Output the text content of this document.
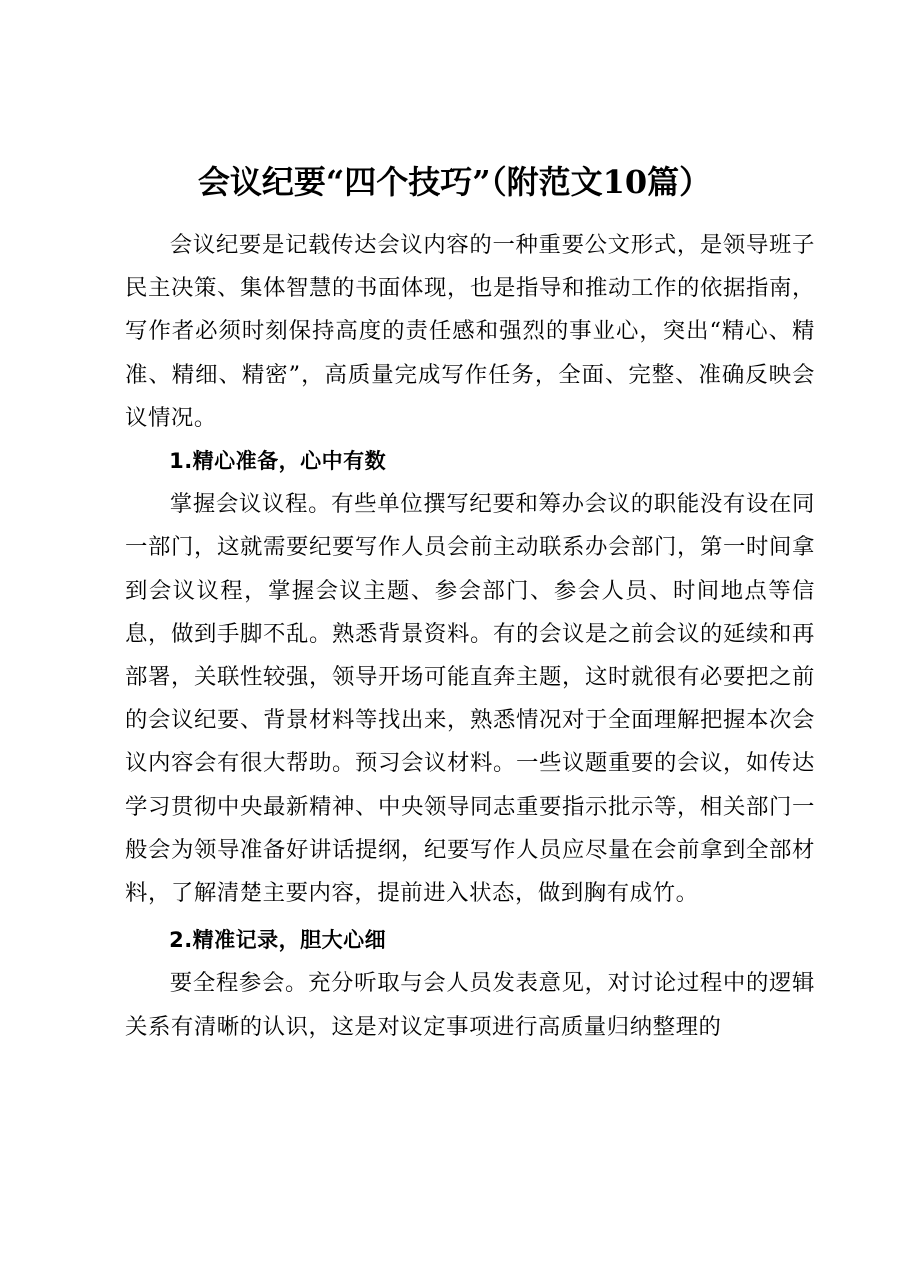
会议纪要“四个技巧”（附范文10篇）

会议纪要是记载传达会议内容的一种重要公文形式，是领导班子民主决策、集体智慧的书面体现，也是指导和推动工作的依据指南，写作者必须时刻保持高度的责任感和强烈的事业心，突出“精心、精准、精细、精密”，高质量完成写作任务，全面、完整、准确反映会议情况。

1.精心准备，心中有数

掌握会议议程。有些单位撰写纪要和筹办会议的职能没有设在同一部门，这就需要纪要写作人员会前主动联系办会部门，第一时间拿到会议议程，掌握会议主题、参会部门、参会人员、时间地点等信息，做到手脚不乱。熟悉背景资料。有的会议是之前会议的延续和再部署，关联性较强，领导开场可能直奔主题，这时就很有必要把之前的会议纪要、背景材料等找出来，熟悉情况对于全面理解把握本次会议内容会有很大帮助。预习会议材料。一些议题重要的会议，如传达学习贯彻中央最新精神、中央领导同志重要指示批示等，相关部门一般会为领导准备好讲话提纲，纪要写作人员应尽量在会前拿到全部材料，了解清楚主要内容，提前进入状态，做到胸有成竹。

2.精准记录，胆大心细

要全程参会。充分听取与会人员发表意见，对讨论过程中的逻辑关系有清晰的认识，这是对议定事项进行高质量归纳整理的
